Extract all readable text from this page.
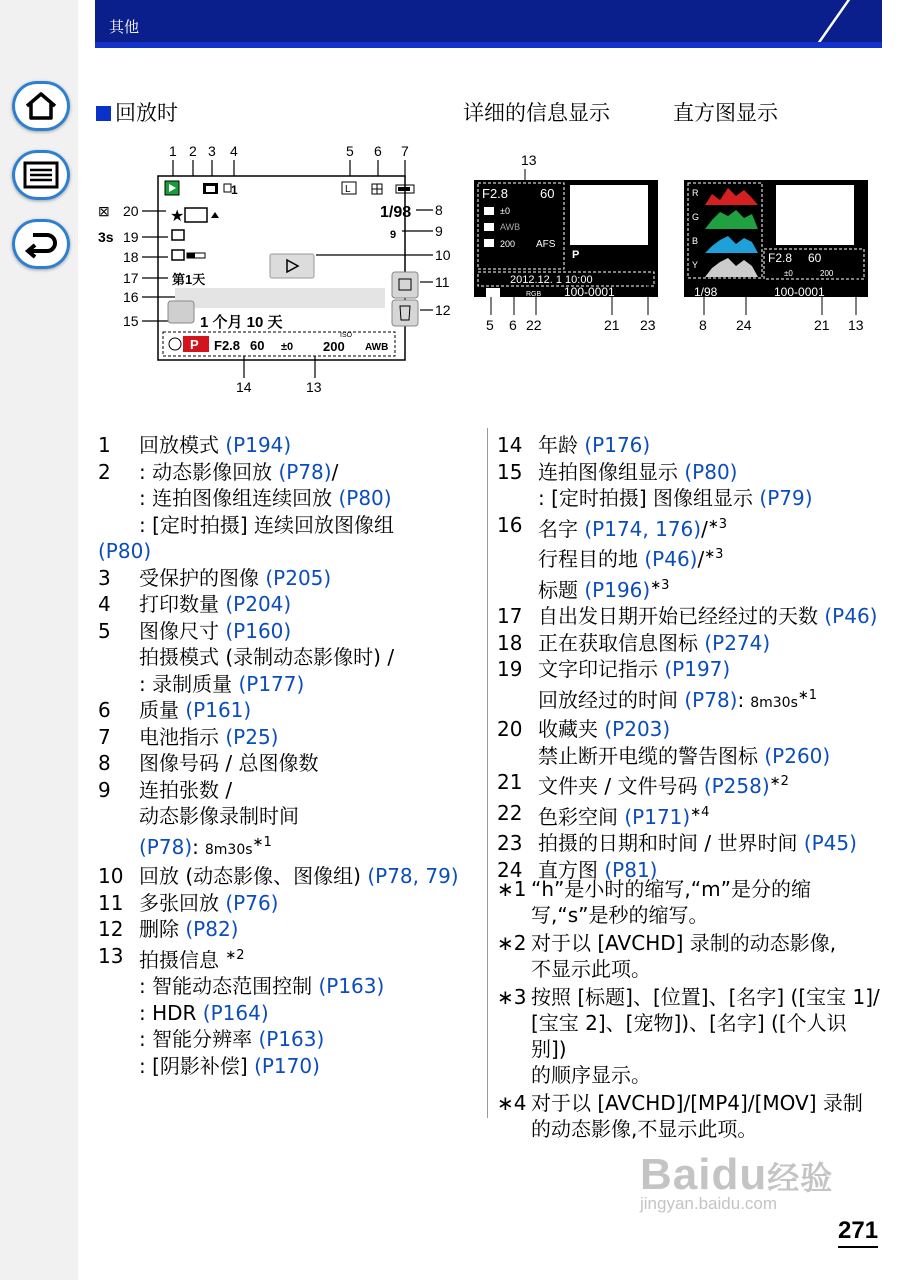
其他
回放时	详细的信息显示	直方图显示
1 2 3 4	5 6 7
1	L
★	1/98
9
⊠ 20
3s 19
18
17
16
15
第1天
1 个月 10 天
8
9
10
11
12
P F2.8 60 ±0 200
ISO
AWB
14	13
13
F2.8 60
±0
AWB
200 AFS
P
2012.12. 1 10:00
RGB 100-0001
5 6 22	21 23
R
G
B
Y	F2.8 60
±0	200
1/98	100-0001
8 24	21 13
1	回放模式 (P194)
2	: 动态影像回放 (P78)/
: 连拍图像组连续回放 (P80)
: [定时拍摄] 连续回放图像组
(P80)
3	受保护的图像 (P205)
4	打印数量 (P204)
5	图像尺寸 (P160)
拍摄模式 (录制动态影像时) /
: 录制质量 (P177)
6	质量 (P161)
7	电池指示 (P25)
8	图像号码 / 总图像数
9	连拍张数 /
动态影像录制时间
(P78): $8m30s^{∗1}$
10 回放 (动态影像、图像组) (P78, 79)
11 多张回放 (P76)
12 删除 (P82)
13 拍摄信息 $^{∗2}$
: 智能动态范围控制 (P163)
: HDR (P164)
: 智能分辨率 (P163)
: [阴影补偿] (P170)
14 年龄 (P176)
15 连拍图像组显示 (P80)
: [定时拍摄] 图像组显示 (P79)
16 名字 (P174, 176)/$^{∗3}$
行程目的地 (P46)/$^{∗3}$
标题 $(P196)^{∗3}$
17 自出发日期开始已经经过的天数 (P46)
18 正在获取信息图标 (P274)
19 文字印记指示 (P197)
回放经过的时间 (P78): $8m30s^{∗1}$
20 收藏夹 (P203)
禁止断开电缆的警告图标 (P260)
21 文件夹 / 文件号码 $(P258)^{∗2}$
22 色彩空间 $(P171)^{∗4}$
23 拍摄的日期和时间 / 世界时间 (P45)
24 直方图 (P81)
∗1 “h”是小时的缩写,“m”是分的缩
写,“s”是秒的缩写。
∗2 对于以 [AVCHD] 录制的动态影像,
不显示此项。
∗3 按照 [标题]、[位置]、[名字] ([宝宝 1]/
[宝宝 2]、[宠物])、[名字] ([个人识别])
的顺序显示。
∗4 对于以 [AVCHD]/[MP4]/[MOV] 录制
的动态影像,不显示此项。
Baidu经验
jingyan.baidu.com
271
